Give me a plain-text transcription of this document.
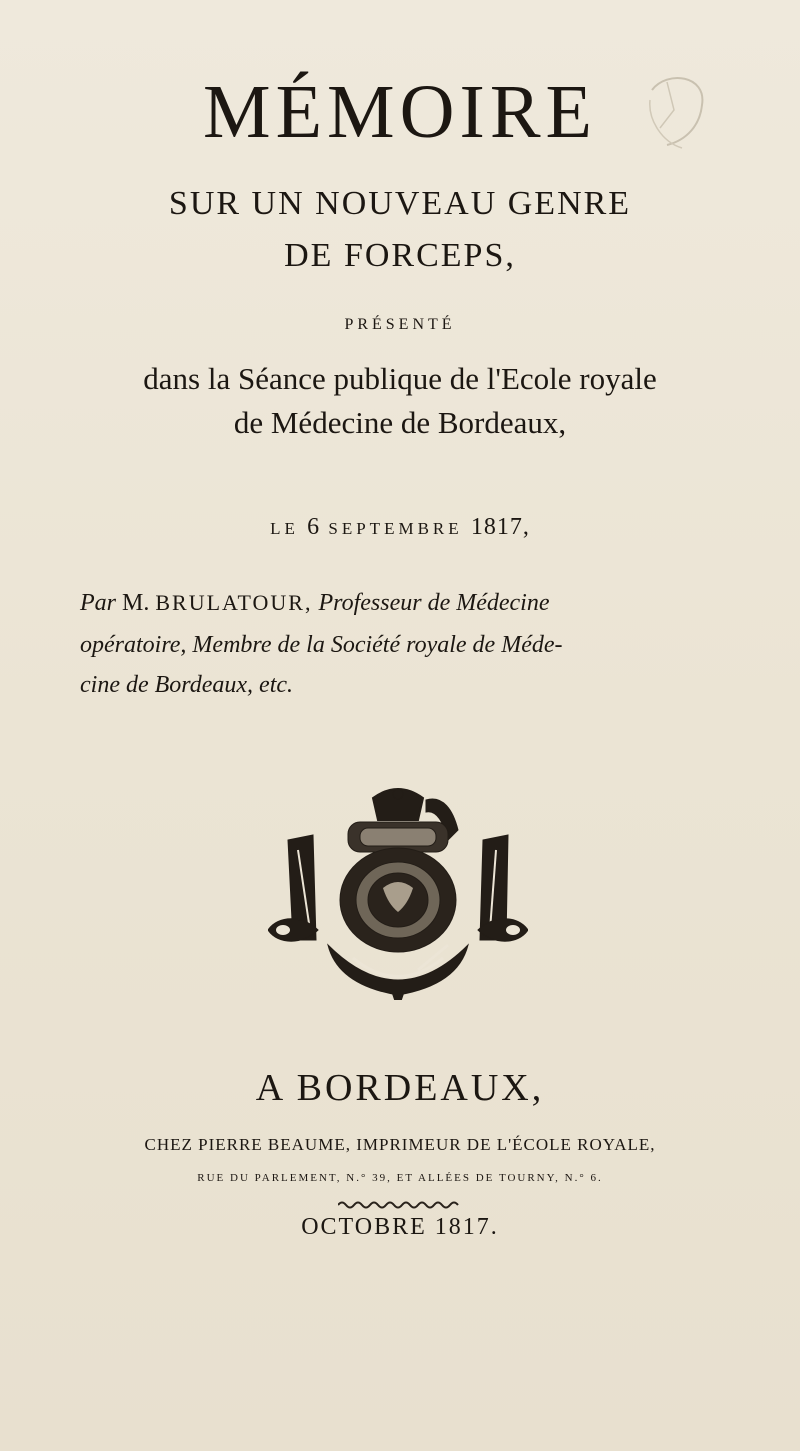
MÉMOIRE
SUR UN NOUVEAU GENRE
DE FORCEPS,
PRÉSENTÉ
dans la Séance publique de l'Ecole royale
de Médecine de Bordeaux,
LE 6 SEPTEMBRE 1817,
Par M. BRULATOUR, Professeur de Médecine
opératoire, Membre de la Société royale de Méde-
cine de Bordeaux, etc.
A BORDEAUX,
CHEZ PIERRE BEAUME, IMPRIMEUR DE L'ÉCOLE ROYALE,
RUE DU PARLEMENT, N.° 39, ET ALLÉES DE TOURNY, N.° 6.
OCTOBRE 1817.
